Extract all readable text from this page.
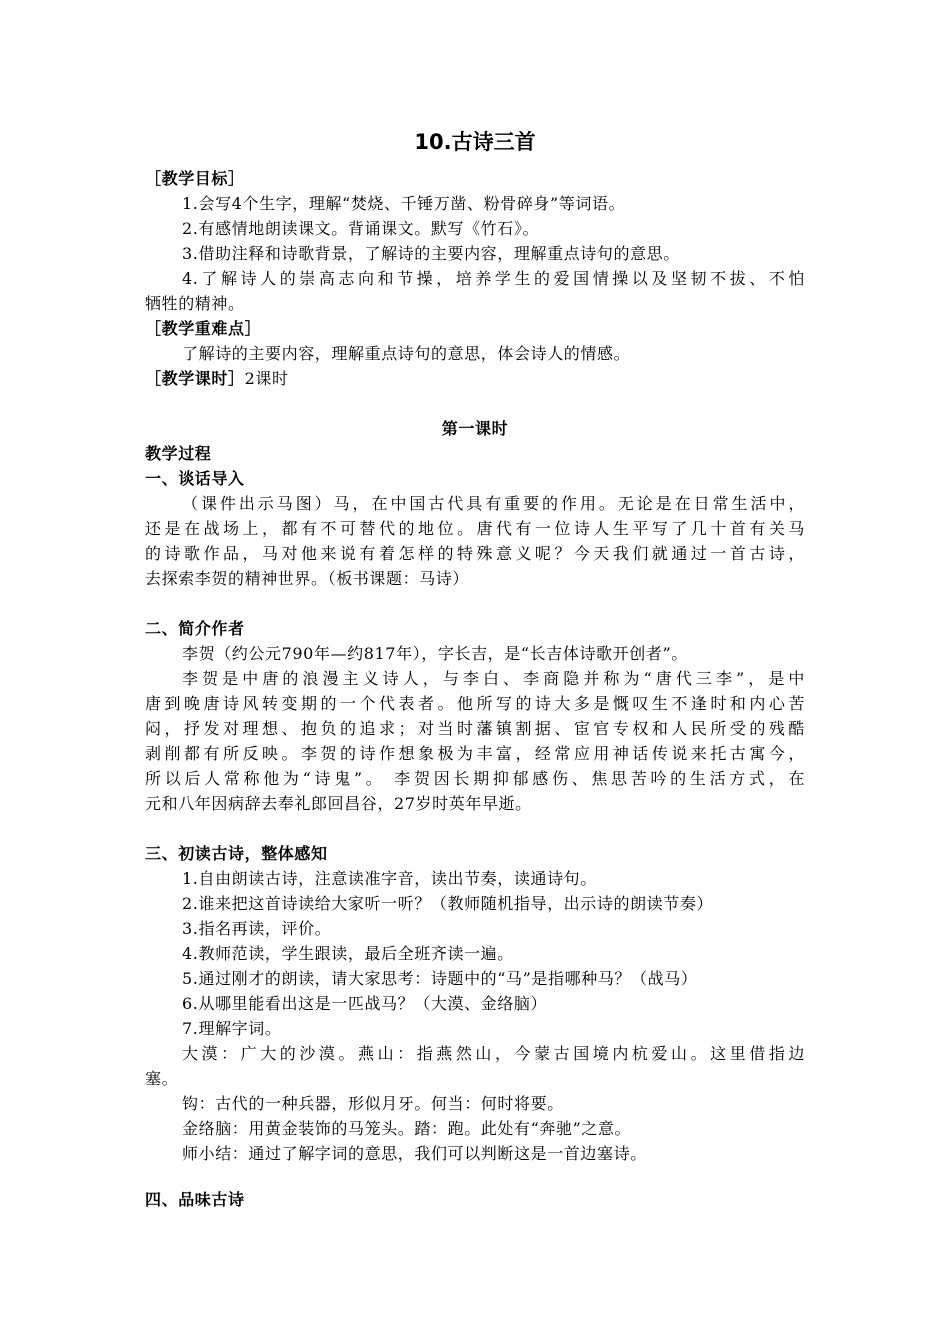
10.古诗三首
［教学目标］
1.会写4个生字，理解“焚烧、千锤万凿、粉骨碎身”等词语。
2.有感情地朗读课文。背诵课文。默写《竹石》。
3.借助注释和诗歌背景，了解诗的主要内容，理解重点诗句的意思。
4.了解诗人的崇高志向和节操，培养学生的爱国情操以及坚韧不拔、不怕
牺牲的精神。
［教学重难点］
了解诗的主要内容，理解重点诗句的意思，体会诗人的情感。
［教学课时］2课时
第一课时
教学过程
一、谈话导入
（课件出示马图）马，在中国古代具有重要的作用。无论是在日常生活中，
还是在战场上，都有不可替代的地位。唐代有一位诗人生平写了几十首有关马
的诗歌作品，马对他来说有着怎样的特殊意义呢？今天我们就通过一首古诗，
去探索李贺的精神世界。（板书课题：马诗）
二、简介作者
李贺（约公元790年—约817年），字长吉，是“长吉体诗歌开创者”。
李贺是中唐的浪漫主义诗人，与李白、李商隐并称为“唐代三李”，是中
唐到晚唐诗风转变期的一个代表者。他所写的诗大多是慨叹生不逢时和内心苦
闷，抒发对理想、抱负的追求；对当时藩镇割据、宦官专权和人民所受的残酷
剥削都有所反映。李贺的诗作想象极为丰富，经常应用神话传说来托古寓今，
所以后人常称他为“诗鬼”。 李贺因长期抑郁感伤、焦思苦吟的生活方式，在
元和八年因病辞去奉礼郎回昌谷，27岁时英年早逝。
三、初读古诗，整体感知
1.自由朗读古诗，注意读准字音，读出节奏，读通诗句。
2.谁来把这首诗读给大家听一听？（教师随机指导，出示诗的朗读节奏）
3.指名再读，评价。
4.教师范读，学生跟读，最后全班齐读一遍。
5.通过刚才的朗读，请大家思考：诗题中的“马”是指哪种马？（战马）
6.从哪里能看出这是一匹战马？（大漠、金络脑）
7.理解字词。
大漠：广大的沙漠。燕山：指燕然山，今蒙古国境内杭爱山。这里借指边
塞。
钩：古代的一种兵器，形似月牙。何当：何时将要。
金络脑：用黄金装饰的马笼头。踏：跑。此处有“奔驰”之意。
师小结：通过了解字词的意思，我们可以判断这是一首边塞诗。
四、品味古诗
